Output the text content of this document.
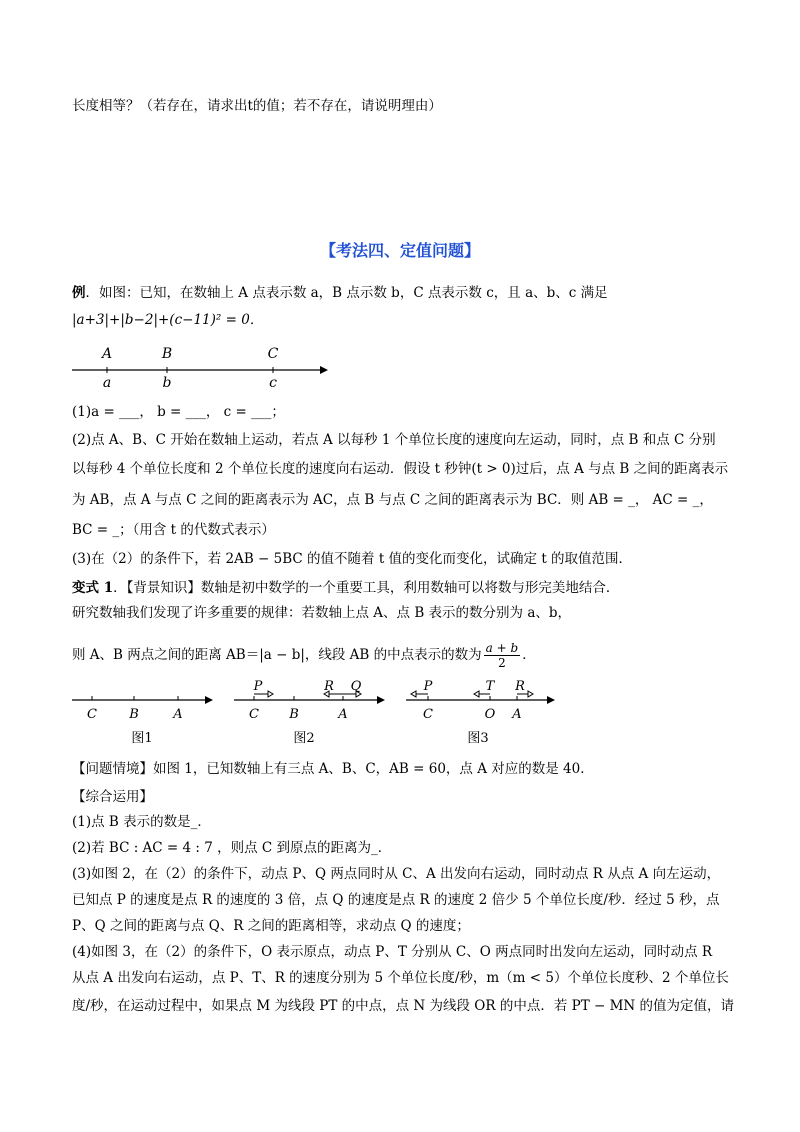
长度相等？（若存在，请求出t的值；若不存在，请说明理由）
【考法四、定值问题】
例．如图：已知，在数轴上 A 点表示数 a，B 点示数 b，C 点表示数 c，且 a、b、c 满足
|a+3|+|b−2|+(c−11)² = 0．
A	B	C
a	b	c
(1)a = ___， b = ___， c = ___；
(2)点 A、B、C 开始在数轴上运动，若点 A 以每秒 1 个单位长度的速度向左运动，同时，点 B 和点 C 分别
以每秒 4 个单位长度和 2 个单位长度的速度向右运动．假设 t 秒钟(t > 0)过后，点 A 与点 B 之间的距离表示
为 AB，点 A 与点 C 之间的距离表示为 AC，点 B 与点 C 之间的距离表示为 BC．则 AB = _， AC = _，
BC = _；（用含 t 的代数式表示）
(3)在（2）的条件下，若 2AB − 5BC 的值不随着 t 值的变化而变化，试确定 t 的取值范围．
变式 1．【背景知识】数轴是初中数学的一个重要工具，利用数轴可以将数与形完美地结合．
研究数轴我们发现了许多重要的规律：若数轴上点 A、点 B 表示的数分别为 a、b，
则 A、B 两点之间的距离 AB＝|a − b|，线段 AB 的中点表示的数为 $\frac{a + b}{2}$ ．
C B	A
图1
P	R Q
C B	A
图2
P	T R
C	O A
图3
【问题情境】如图 1，已知数轴上有三点 A、B、C，AB = 60，点 A 对应的数是 40．
【综合运用】
(1)点 B 表示的数是_．
(2)若 BC : AC = 4 : 7 ，则点 C 到原点的距离为_．
(3)如图 2，在（2）的条件下，动点 P、Q 两点同时从 C、A 出发向右运动，同时动点 R 从点 A 向左运动，
已知点 P 的速度是点 R 的速度的 3 倍，点 Q 的速度是点 R 的速度 2 倍少 5 个单位长度/秒．经过 5 秒，点
P、Q 之间的距离与点 Q、R 之间的距离相等，求动点 Q 的速度；
(4)如图 3，在（2）的条件下，O 表示原点，动点 P、T 分别从 C、O 两点同时出发向左运动，同时动点 R
从点 A 出发向右运动，点 P、T、R 的速度分别为 5 个单位长度/秒，m（m < 5）个单位长度秒、2 个单位长
度/秒，在运动过程中，如果点 M 为线段 PT 的中点，点 N 为线段 OR 的中点．若 PT − MN 的值为定值，请
